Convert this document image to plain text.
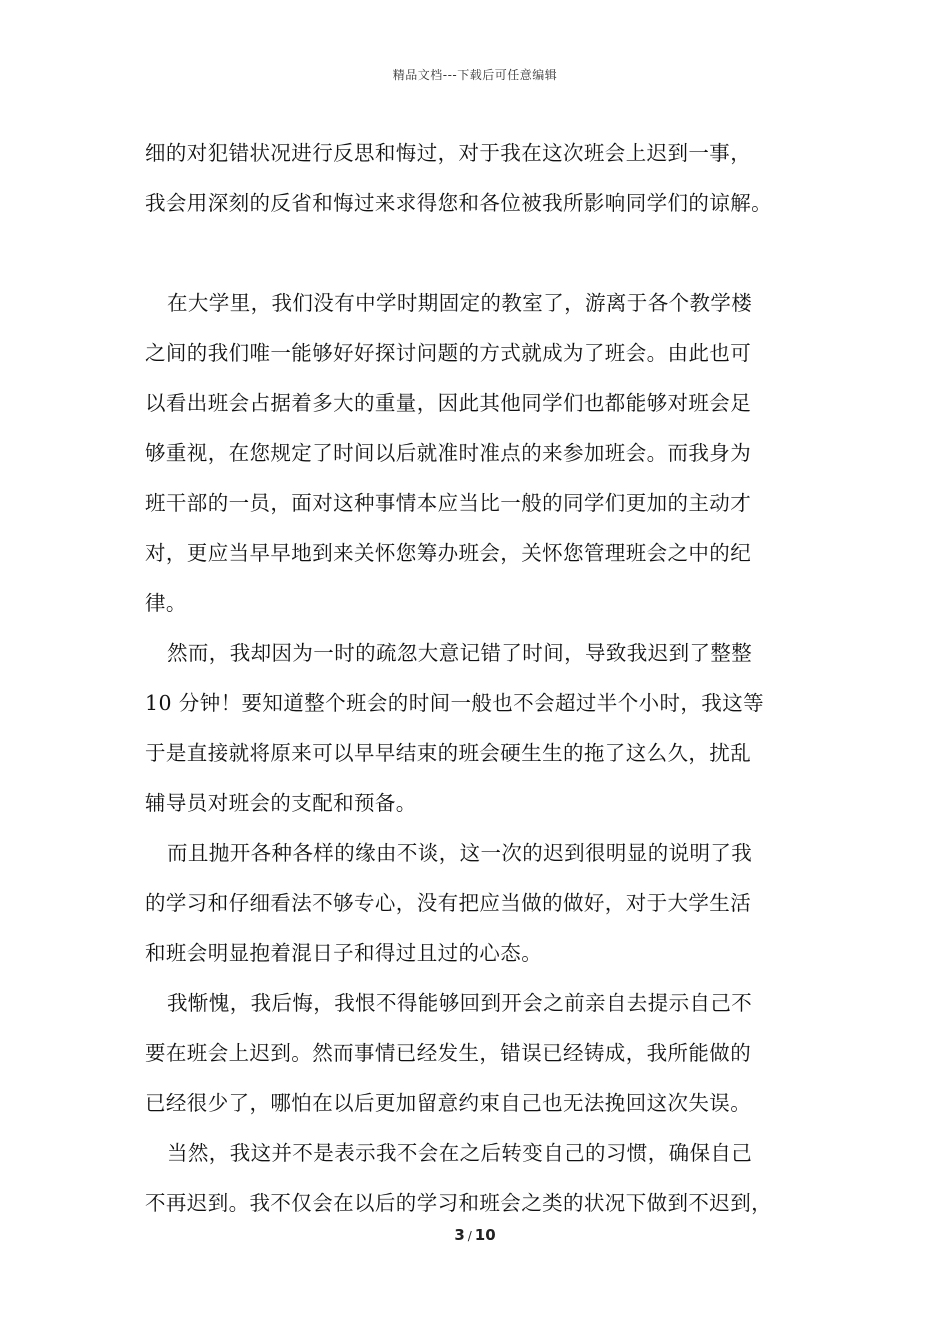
精品文档---下载后可任意编辑
细的对犯错状况进行反思和悔过，对于我在这次班会上迟到一事，
我会用深刻的反省和悔过来求得您和各位被我所影响同学们的谅解。
在大学里，我们没有中学时期固定的教室了，游离于各个教学楼
之间的我们唯一能够好好探讨问题的方式就成为了班会。由此也可
以看出班会占据着多大的重量，因此其他同学们也都能够对班会足
够重视，在您规定了时间以后就准时准点的来参加班会。而我身为
班干部的一员，面对这种事情本应当比一般的同学们更加的主动才
对，更应当早早地到来关怀您筹办班会，关怀您管理班会之中的纪
律。
然而，我却因为一时的疏忽大意记错了时间，导致我迟到了整整
10 分钟！要知道整个班会的时间一般也不会超过半个小时，我这等
于是直接就将原来可以早早结束的班会硬生生的拖了这么久，扰乱
辅导员对班会的支配和预备。
而且抛开各种各样的缘由不谈，这一次的迟到很明显的说明了我
的学习和仔细看法不够专心，没有把应当做的做好，对于大学生活
和班会明显抱着混日子和得过且过的心态。
我惭愧，我后悔，我恨不得能够回到开会之前亲自去提示自己不
要在班会上迟到。然而事情已经发生，错误已经铸成，我所能做的
已经很少了，哪怕在以后更加留意约束自己也无法挽回这次失误。
当然，我这并不是表示我不会在之后转变自己的习惯，确保自己
不再迟到。我不仅会在以后的学习和班会之类的状况下做到不迟到，
3 / 10
